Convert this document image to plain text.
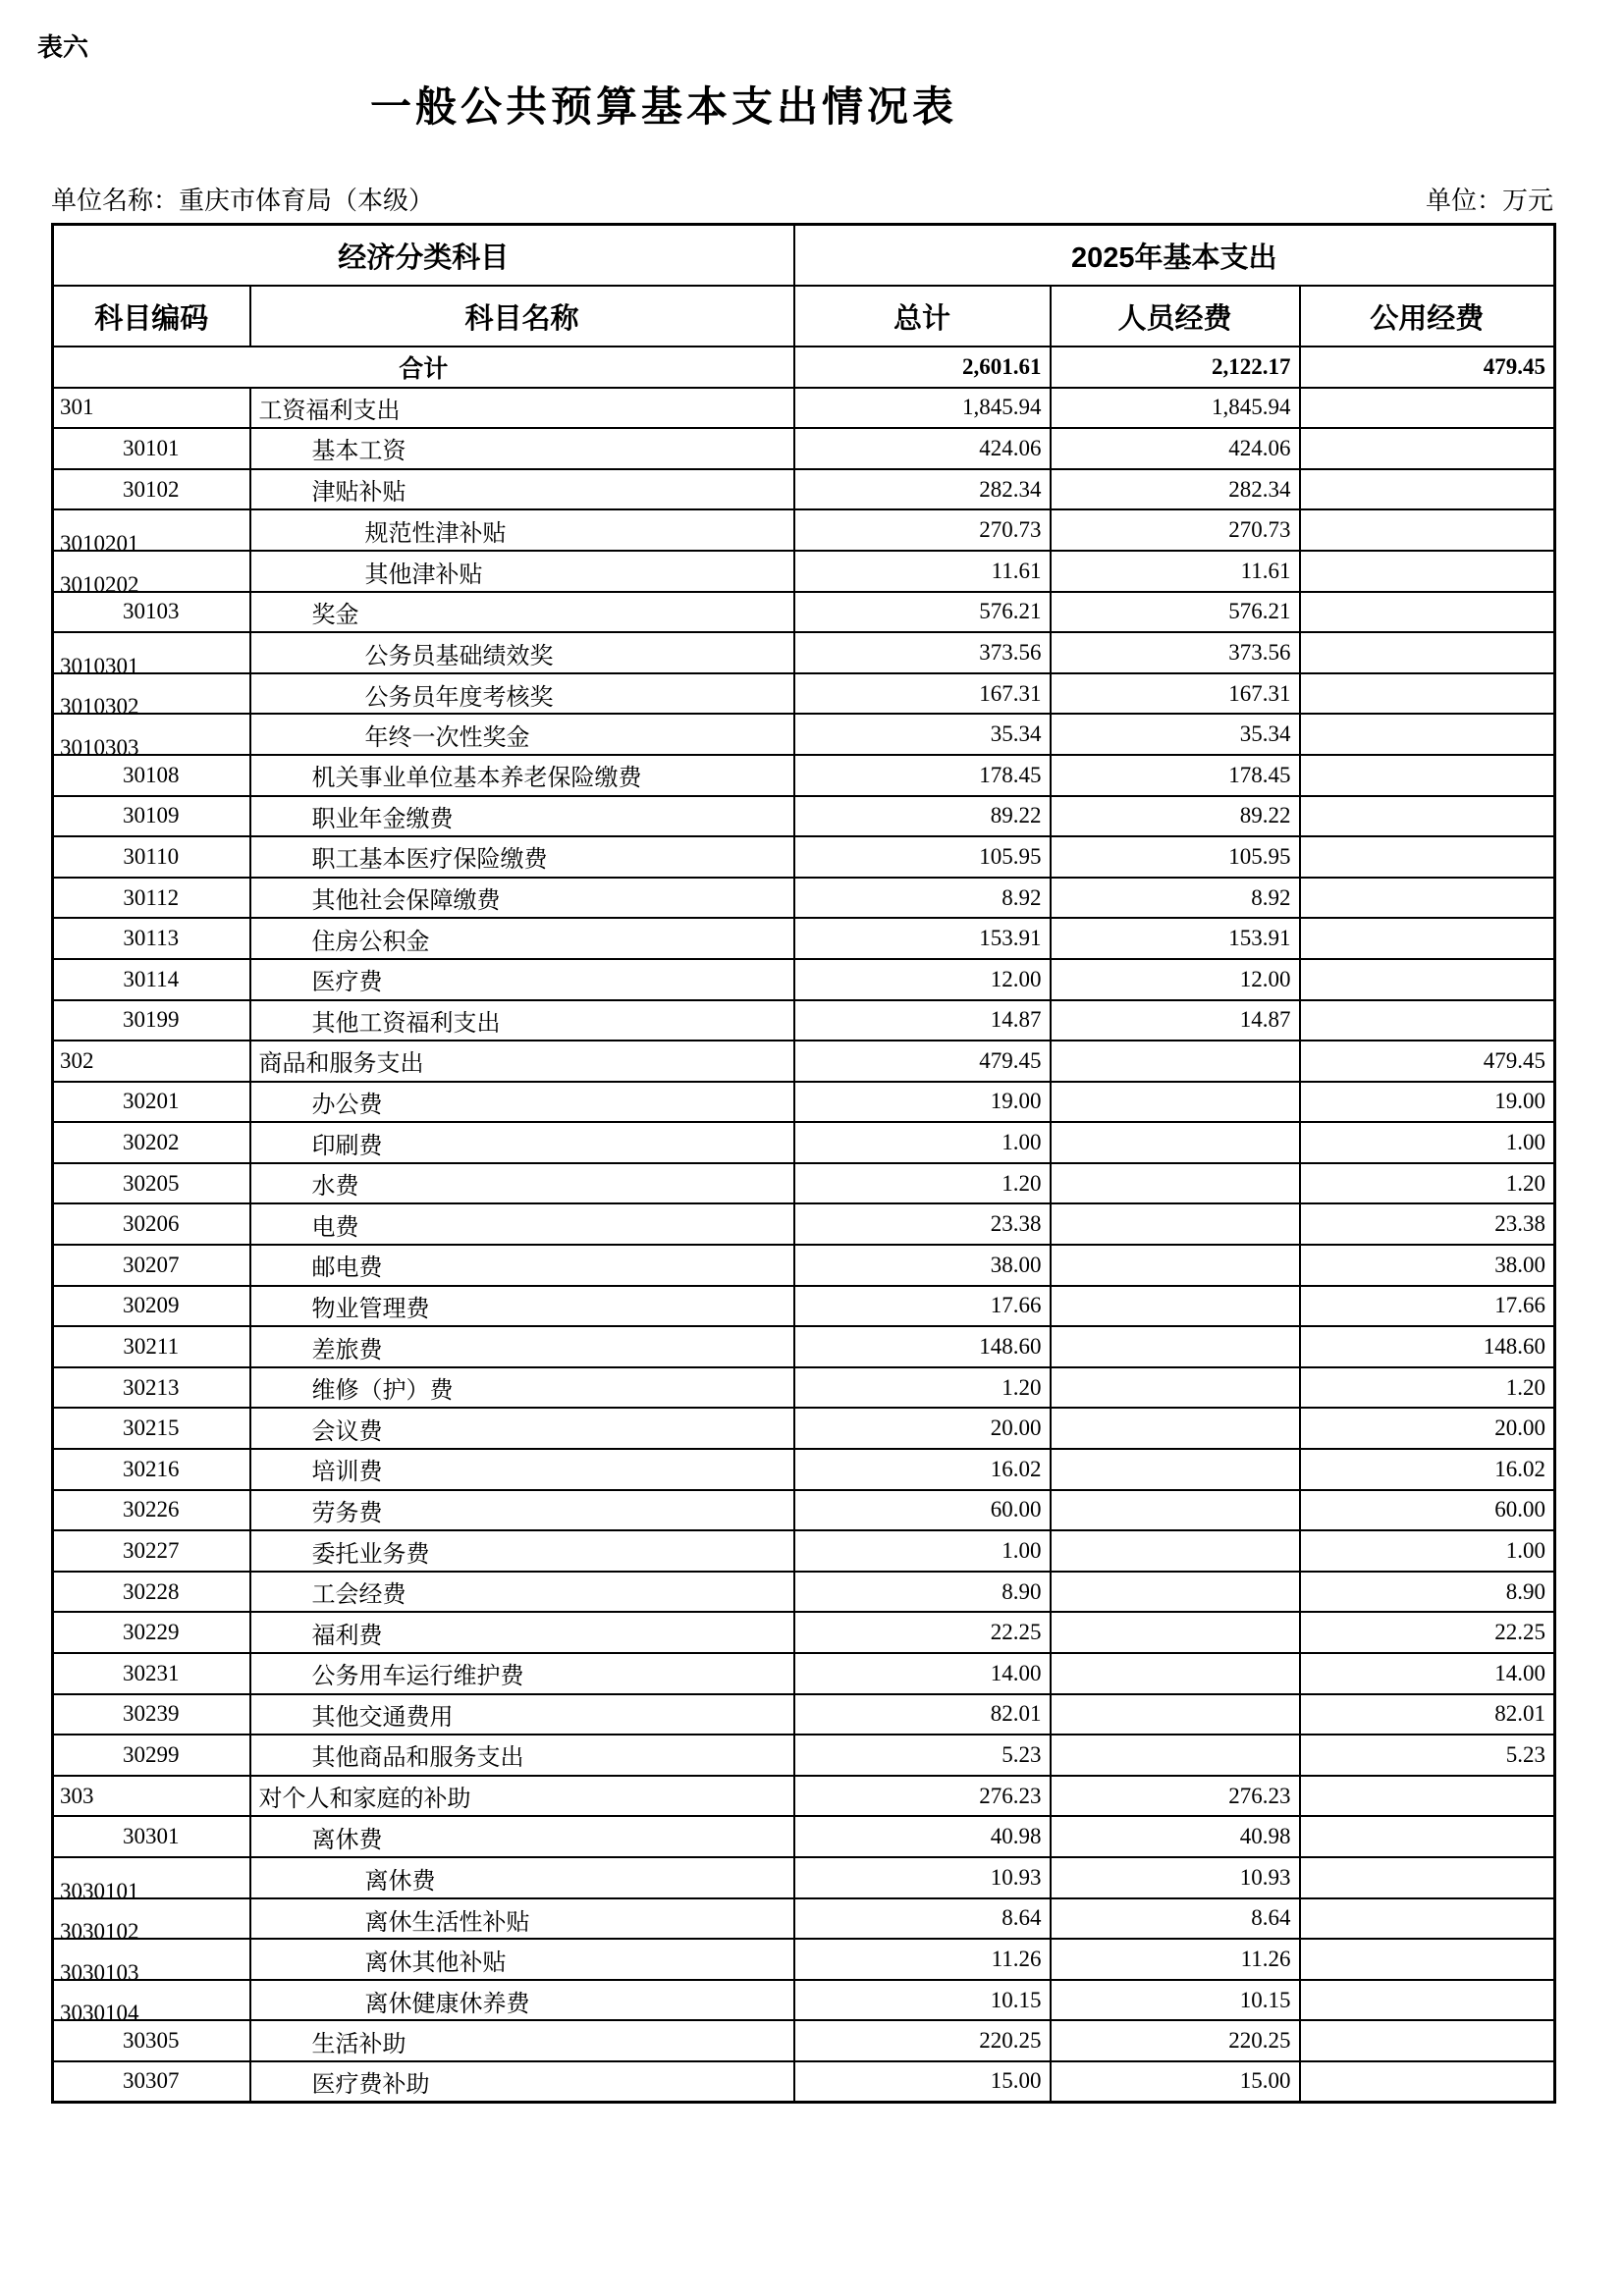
表六
一般公共预算基本支出情况表
单位名称：重庆市体育局（本级）	单位：万元
经济分类科目		2025年基本支出		
科目编码	科目名称	总计	人员经费	公用经费
合计		2,601.61	2,122.17	479.45
301	工资福利支出	1,845.94	1,845.94	
30101	基本工资	424.06	424.06	
30102	津贴补贴	282.34	282.34	

3010201	规范性津补贴	270.73	270.73	

3010202	其他津补贴	11.61	11.61	
30103	奖金	576.21	576.21	

3010301	公务员基础绩效奖	373.56	373.56	

3010302	公务员年度考核奖	167.31	167.31	

3010303	年终一次性奖金	35.34	35.34	
30108	机关事业单位基本养老保险缴费	178.45	178.45	
30109	职业年金缴费	89.22	89.22	
30110	职工基本医疗保险缴费	105.95	105.95	
30112	其他社会保障缴费	8.92	8.92	
30113	住房公积金	153.91	153.91	
30114	医疗费	12.00	12.00	
30199	其他工资福利支出	14.87	14.87	
302	商品和服务支出	479.45		479.45
30201	办公费	19.00		19.00
30202	印刷费	1.00		1.00
30205	水费	1.20		1.20
30206	电费	23.38		23.38
30207	邮电费	38.00		38.00
30209	物业管理费	17.66		17.66
30211	差旅费	148.60		148.60
30213	维修（护）费	1.20		1.20
30215	会议费	20.00		20.00
30216	培训费	16.02		16.02
30226	劳务费	60.00		60.00
30227	委托业务费	1.00		1.00
30228	工会经费	8.90		8.90
30229	福利费	22.25		22.25
30231	公务用车运行维护费	14.00		14.00
30239	其他交通费用	82.01		82.01
30299	其他商品和服务支出	5.23		5.23
303	对个人和家庭的补助	276.23	276.23	
30301	离休费	40.98	40.98	

3030101	离休费	10.93	10.93	

3030102	离休生活性补贴	8.64	8.64	

3030103	离休其他补贴	11.26	11.26	

3030104	离休健康休养费	10.15	10.15	
30305	生活补助	220.25	220.25	
30307	医疗费补助	15.00	15.00	
